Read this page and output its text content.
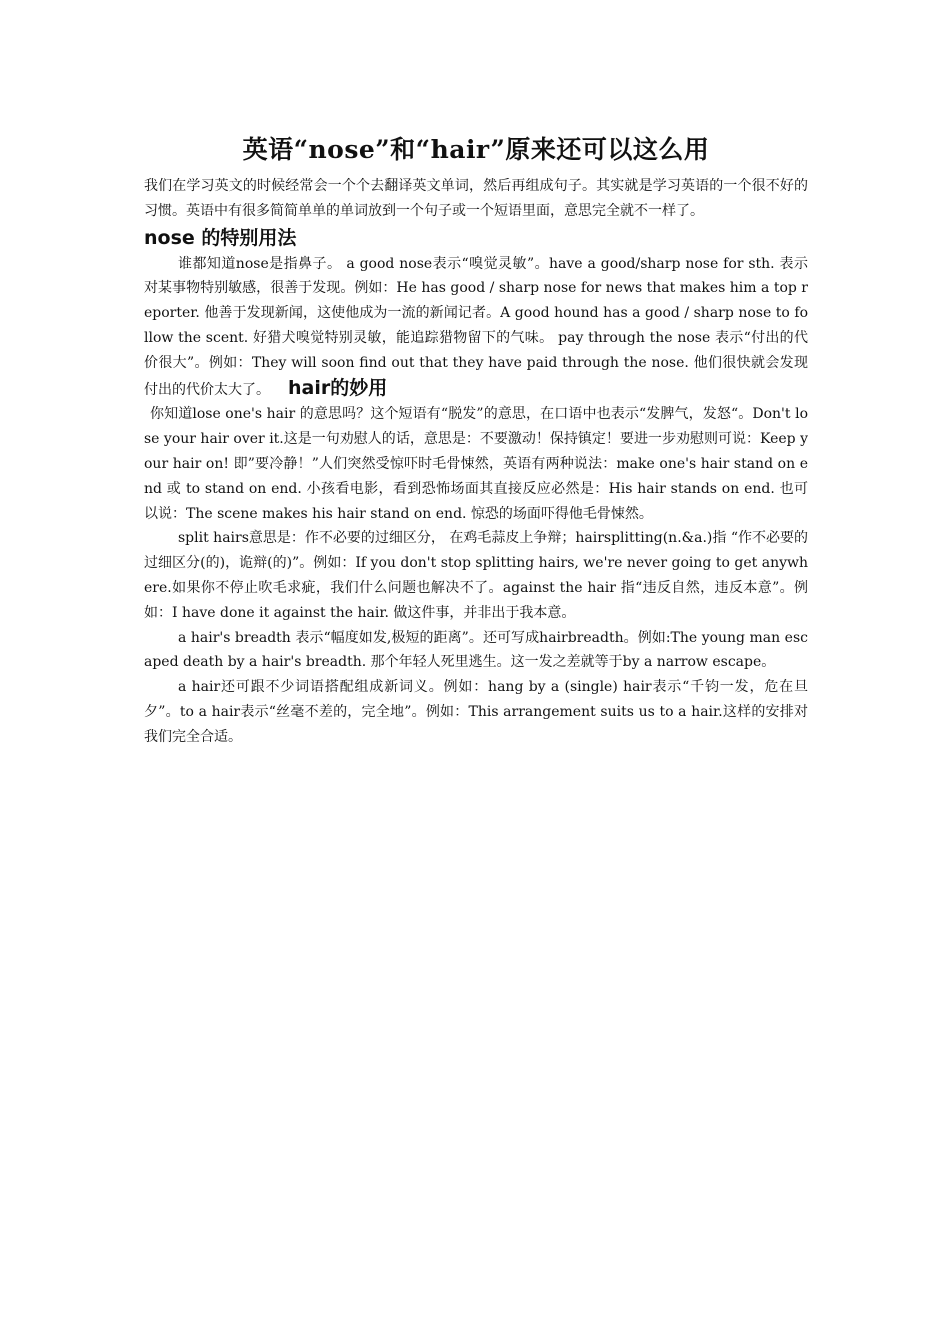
英语“nose”和“hair”原来还可以这么用

我们在学习英文的时候经常会一个个去翻译英文单词，然后再组成句子。其实就是学习英语的一个很不好的习惯。英语中有很多简简单单的单词放到一个句子或一个短语里面，意思完全就不一样了。

nose 的特别用法

谁都知道nose是指鼻子。 a good nose表示“嗅觉灵敏”。have a good/sharp nose for sth. 表示对某事物特别敏感，很善于发现。例如：He has good / sharp nose for news that makes him a top reporter. 他善于发现新闻，这使他成为一流的新闻记者。A good hound has a good / sharp nose to follow the scent. 好猎犬嗅觉特别灵敏，能追踪猎物留下的气味。 pay through the nose 表示“付出的代价很大”。例如：They will soon find out that they have paid through the nose. 他们很快就会发现付出的代价太大了。 hair的妙用

你知道lose one's hair 的意思吗？这个短语有“脱发”的意思，在口语中也表示“发脾气，发怒“。Don't lose your hair over it.这是一句劝慰人的话，意思是：不要激动！保持镇定！要进一步劝慰则可说：Keep your hair on! 即”要冷静！”人们突然受惊吓时毛骨悚然，英语有两种说法：make one's hair stand on end 或 to stand on end. 小孩看电影，看到恐怖场面其直接反应必然是：His hair stands on end. 也可以说：The scene makes his hair stand on end. 惊恐的场面吓得他毛骨悚然。

split hairs意思是：作不必要的过细区分， 在鸡毛蒜皮上争辩；hairsplitting(n.&a.)指 “作不必要的过细区分(的)，诡辩(的)”。例如：If you don't stop splitting hairs, we're never going to get anywhere.如果你不停止吹毛求疵，我们什么问题也解决不了。against the hair 指“违反自然，违反本意”。例如：I have done it against the hair. 做这件事，并非出于我本意。

a hair's breadth 表示“幅度如发,极短的距离”。还可写成hairbreadth。例如:The young man escaped death by a hair's breadth. 那个年轻人死里逃生。这一发之差就等于by a narrow escape。

a hair还可跟不少词语搭配组成新词义。例如：hang by a (single) hair表示“千钧一发，危在旦夕”。to a hair表示“丝毫不差的，完全地”。例如：This arrangement suits us to a hair.这样的安排对我们完全合适。
